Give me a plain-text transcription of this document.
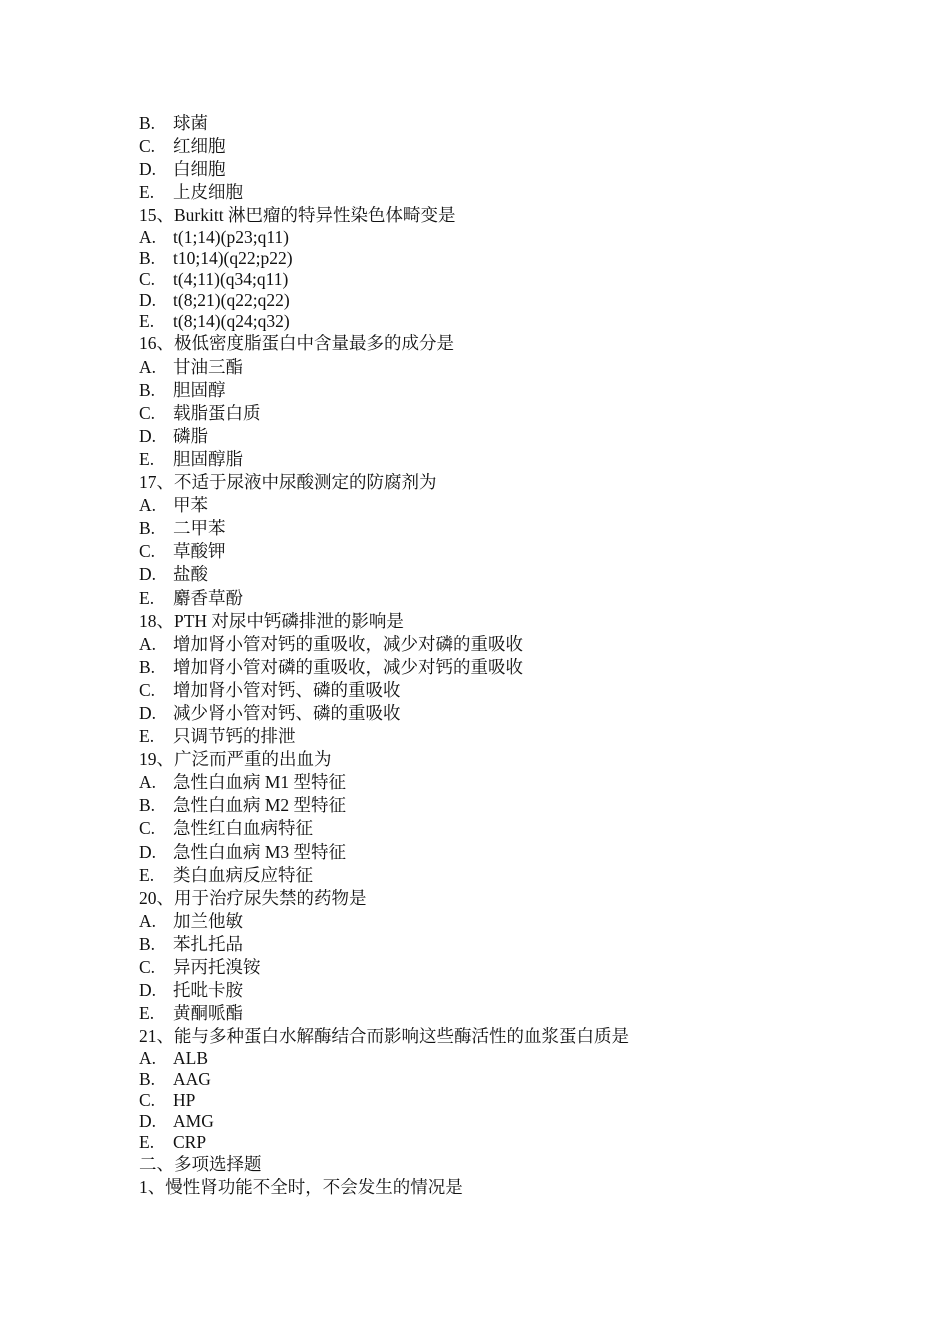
B. 球菌
C. 红细胞
D. 白细胞
E. 上皮细胞
15、Burkitt 淋巴瘤的特异性染色体畸变是
A. t(1;14)(p23;q11)
B. t10;14)(q22;p22)
C. t(4;11)(q34;q11)
D. t(8;21)(q22;q22)
E. t(8;14)(q24;q32)
16、极低密度脂蛋白中含量最多的成分是
A. 甘油三酯
B. 胆固醇
C. 载脂蛋白质
D. 磷脂
E. 胆固醇脂
17、不适于尿液中尿酸测定的防腐剂为
A. 甲苯
B. 二甲苯
C. 草酸钾
D. 盐酸
E. 麝香草酚
18、PTH 对尿中钙磷排泄的影响是
A. 增加肾小管对钙的重吸收，减少对磷的重吸收
B. 增加肾小管对磷的重吸收，减少对钙的重吸收
C. 增加肾小管对钙、磷的重吸收
D. 减少肾小管对钙、磷的重吸收
E. 只调节钙的排泄
19、广泛而严重的出血为
A. 急性白血病 M1 型特征
B. 急性白血病 M2 型特征
C. 急性红白血病特征
D. 急性白血病 M3 型特征
E. 类白血病反应特征
20、用于治疗尿失禁的药物是
A. 加兰他敏
B. 苯扎托品
C. 异丙托溴铵
D. 托吡卡胺
E. 黄酮哌酯
21、能与多种蛋白水解酶结合而影响这些酶活性的血浆蛋白质是
A. ALB
B. AAG
C. HP
D. AMG
E. CRP
二、多项选择题
1、慢性肾功能不全时，不会发生的情况是
